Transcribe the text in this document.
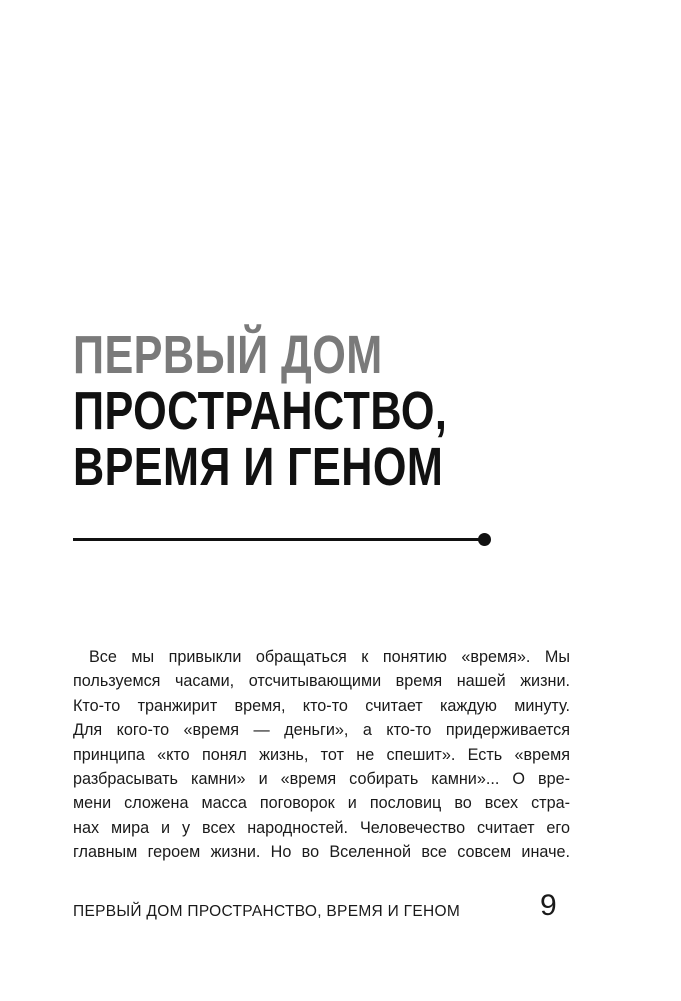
ПЕРВЫЙ ДОМ

ПРОСТРАНСТВО,

ВРЕМЯ И ГЕНОМ

Все мы привыкли обращаться к понятию «время». Мы
пользуемся часами, отсчитывающими время нашей жизни.
Кто-то транжирит время, кто-то считает каждую минуту.
Для кого-то «время — деньги», а кто-то придерживается
принципа «кто понял жизнь, тот не спешит». Есть «время
разбрасывать камни» и «время собирать камни»... О вре-
мени сложена масса поговорок и пословиц во всех стра-
нах мира и у всех народностей. Человечество считает его
главным героем жизни. Но во Вселенной все совсем иначе.

ПЕРВЫЙ ДОМ ПРОСТРАНСТВО, ВРЕМЯ И ГЕНОМ	9
